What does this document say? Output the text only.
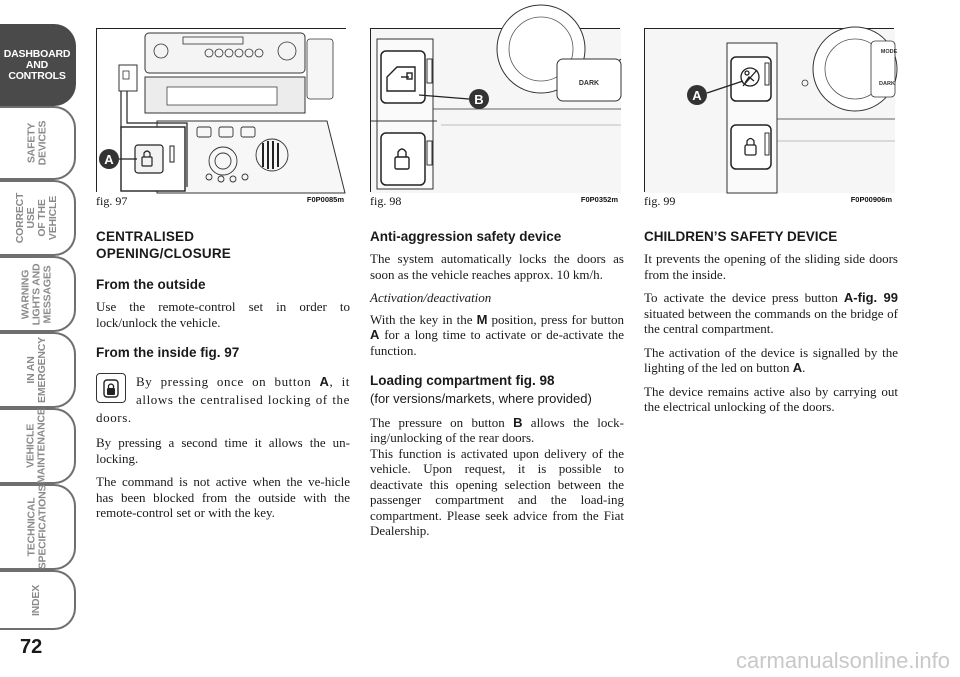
DASHBOARD
AND
CONTROLS
SAFETY
DEVICES
CORRECT USE
OF THE VEHICLE
WARNING
LIGHTS AND
MESSAGES
IN AN
EMERGENCY
VEHICLE
MAINTENANCE
TECHNICAL
SPECIFICATIONS
INDEX
72
A
fig. 97	F0P0085m
DARK
B
fig. 98	F0P0352m
MODE
DARK
A
fig. 99	F0P00906m
CENTRALISED
OPENING/CLOSURE
From the outside

Use the remote-control set in order to lock/unlock the vehicle.

From the inside fig. 97

By pressing once on button A, it allows the centralised locking of the doors.

By pressing a second time it allows the un-locking.

The command is not active when the ve-hicle has been blocked from the outside with the remote-control set or with the key.

Anti-aggression safety device

The system automatically locks the doors as soon as the vehicle reaches approx. 10 km/h.

Activation/deactivation

With the key in the M position, press for button A for a long time to activate or de-activate the function.

Loading compartment fig. 98

(for versions/markets, where provided)

The pressure on button B allows the lock-ing/unlocking of the rear doors.

This function is activated upon delivery of the vehicle. Upon request, it is possible to deactivate this opening selection between the passenger compartment and the load-ing compartment. Please seek advice from the Fiat Dealership.

CHILDREN’S SAFETY DEVICE

It prevents the opening of the sliding side doors from the inside.

To activate the device press button A-fig. 99 situated between the commands on the bridge of the central compartment.

The activation of the device is signalled by the lighting of the led on button A.

The device remains active also by carrying out the electrical unlocking of the doors.

carmanualsonline.info
